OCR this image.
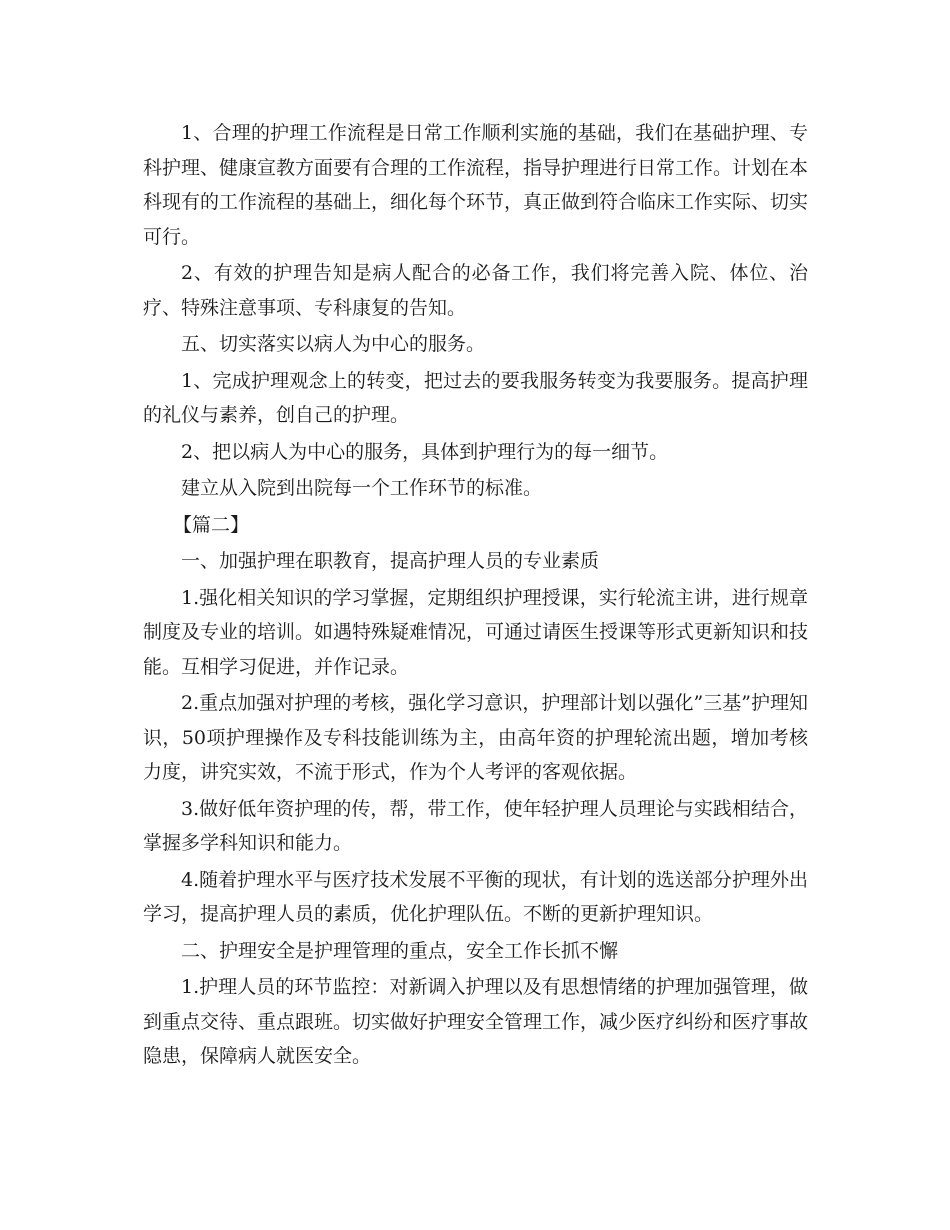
1、合理的护理工作流程是日常工作顺利实施的基础，我们在基础护理、专科护理、健康宣教方面要有合理的工作流程，指导护理进行日常工作。计划在本科现有的工作流程的基础上，细化每个环节，真正做到符合临床工作实际、切实可行。

2、有效的护理告知是病人配合的必备工作，我们将完善入院、体位、治疗、特殊注意事项、专科康复的告知。

五、切实落实以病人为中心的服务。

1、完成护理观念上的转变，把过去的要我服务转变为我要服务。提高护理的礼仪与素养，创自己的护理。

2、把以病人为中心的服务，具体到护理行为的每一细节。

建立从入院到出院每一个工作环节的标准。

【篇二】

一、加强护理在职教育，提高护理人员的专业素质

1.强化相关知识的学习掌握，定期组织护理授课，实行轮流主讲，进行规章制度及专业的培训。如遇特殊疑难情况，可通过请医生授课等形式更新知识和技能。互相学习促进，并作记录。

2.重点加强对护理的考核，强化学习意识，护理部计划以强化”三基”护理知识，50项护理操作及专科技能训练为主，由高年资的护理轮流出题，增加考核力度，讲究实效，不流于形式，作为个人考评的客观依据。

3.做好低年资护理的传，帮，带工作，使年轻护理人员理论与实践相结合，掌握多学科知识和能力。

4.随着护理水平与医疗技术发展不平衡的现状，有计划的选送部分护理外出学习，提高护理人员的素质，优化护理队伍。不断的更新护理知识。

二、护理安全是护理管理的重点，安全工作长抓不懈

1.护理人员的环节监控：对新调入护理以及有思想情绪的护理加强管理，做到重点交待、重点跟班。切实做好护理安全管理工作，减少医疗纠纷和医疗事故隐患，保障病人就医安全。
